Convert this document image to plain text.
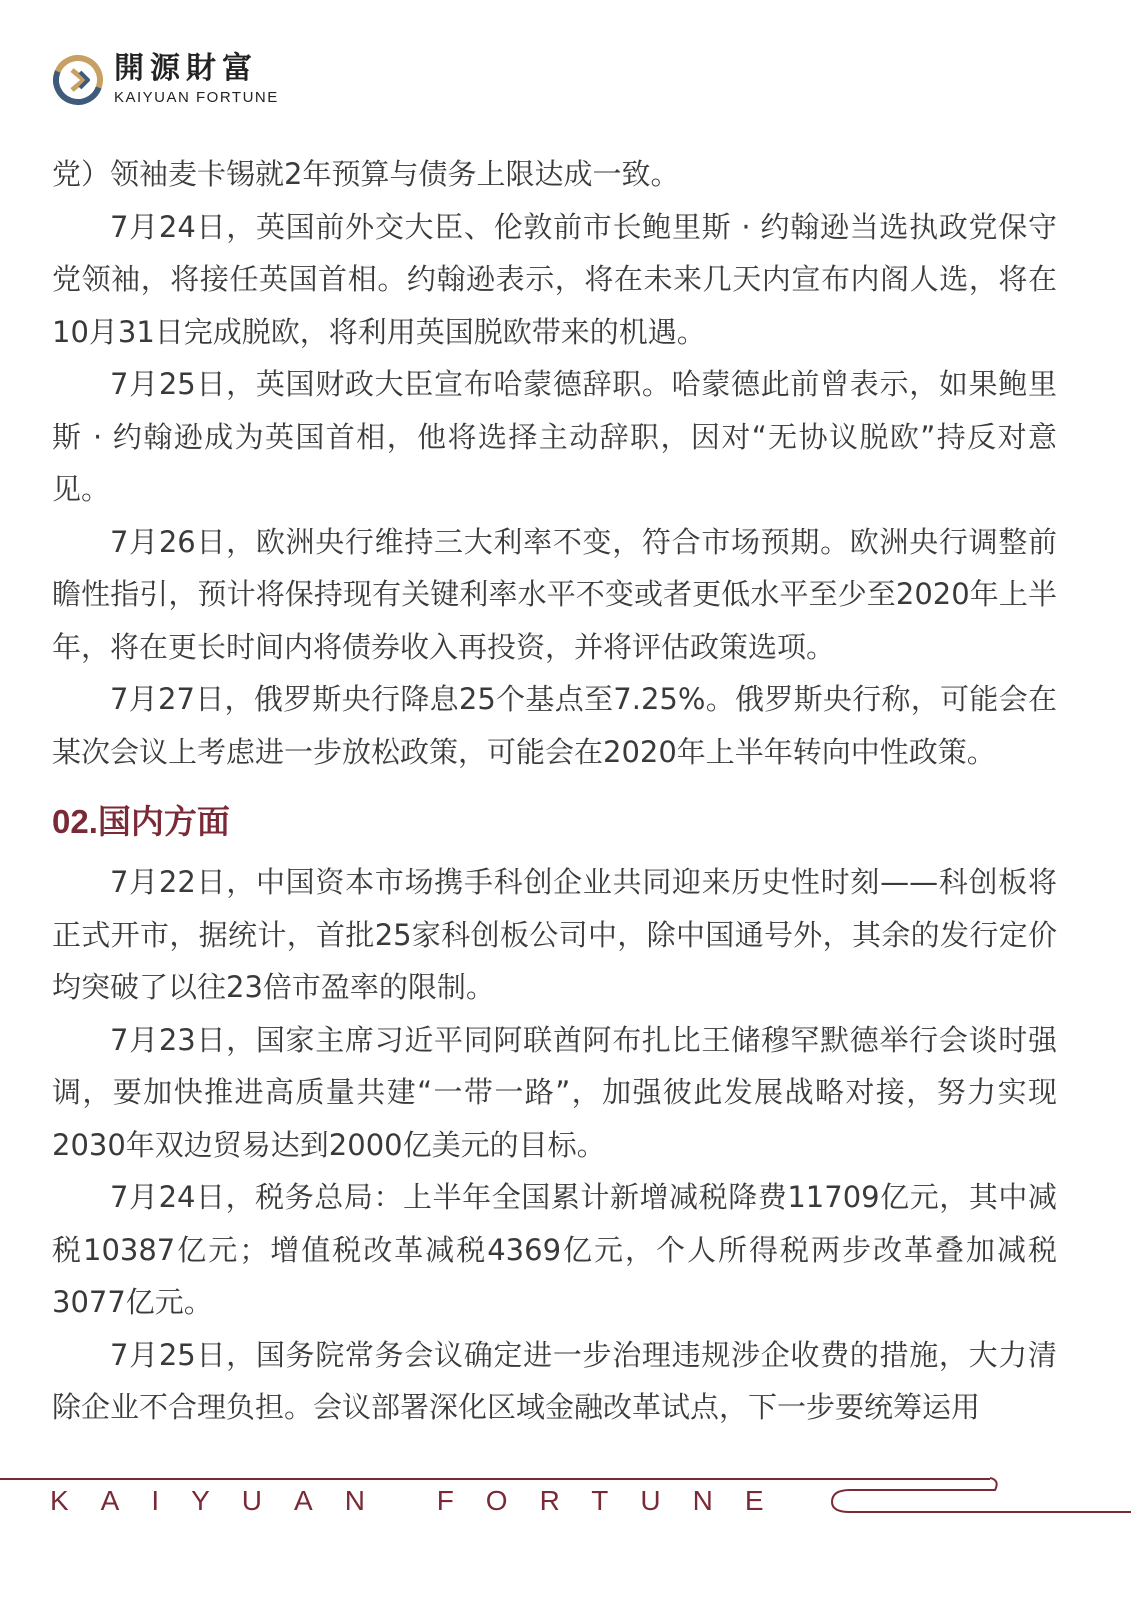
開源財富
KAIYUAN FORTUNE

党）领袖麦卡锡就2年预算与债务上限达成一致。

7月24日，英国前外交大臣、伦敦前市长鲍里斯 · 约翰逊当选执政党保守党领袖，将接任英国首相。约翰逊表示，将在未来几天内宣布内阁人选，将在10月31日完成脱欧，将利用英国脱欧带来的机遇。

7月25日，英国财政大臣宣布哈蒙德辞职。哈蒙德此前曾表示，如果鲍里斯 · 约翰逊成为英国首相，他将选择主动辞职，因对“无协议脱欧”持反对意见。

7月26日，欧洲央行维持三大利率不变，符合市场预期。欧洲央行调整前瞻性指引，预计将保持现有关键利率水平不变或者更低水平至少至2020年上半年，将在更长时间内将债券收入再投资，并将评估政策选项。

7月27日，俄罗斯央行降息25个基点至7.25%。俄罗斯央行称，可能会在某次会议上考虑进一步放松政策，可能会在2020年上半年转向中性政策。

02.国内方面

7月22日，中国资本市场携手科创企业共同迎来历史性时刻——科创板将正式开市，据统计，首批25家科创板公司中，除中国通号外，其余的发行定价均突破了以往23倍市盈率的限制。

7月23日，国家主席习近平同阿联酋阿布扎比王储穆罕默德举行会谈时强调，要加快推进高质量共建“一带一路”，加强彼此发展战略对接，努力实现2030年双边贸易达到2000亿美元的目标。

7月24日，税务总局：上半年全国累计新增减税降费11709亿元，其中减税10387亿元；增值税改革减税4369亿元，个人所得税两步改革叠加减税3077亿元。

7月25日，国务院常务会议确定进一步治理违规涉企收费的措施，大力清除企业不合理负担。会议部署深化区域金融改革试点，下一步要统筹运用

KAIYUAN FORTUNE
